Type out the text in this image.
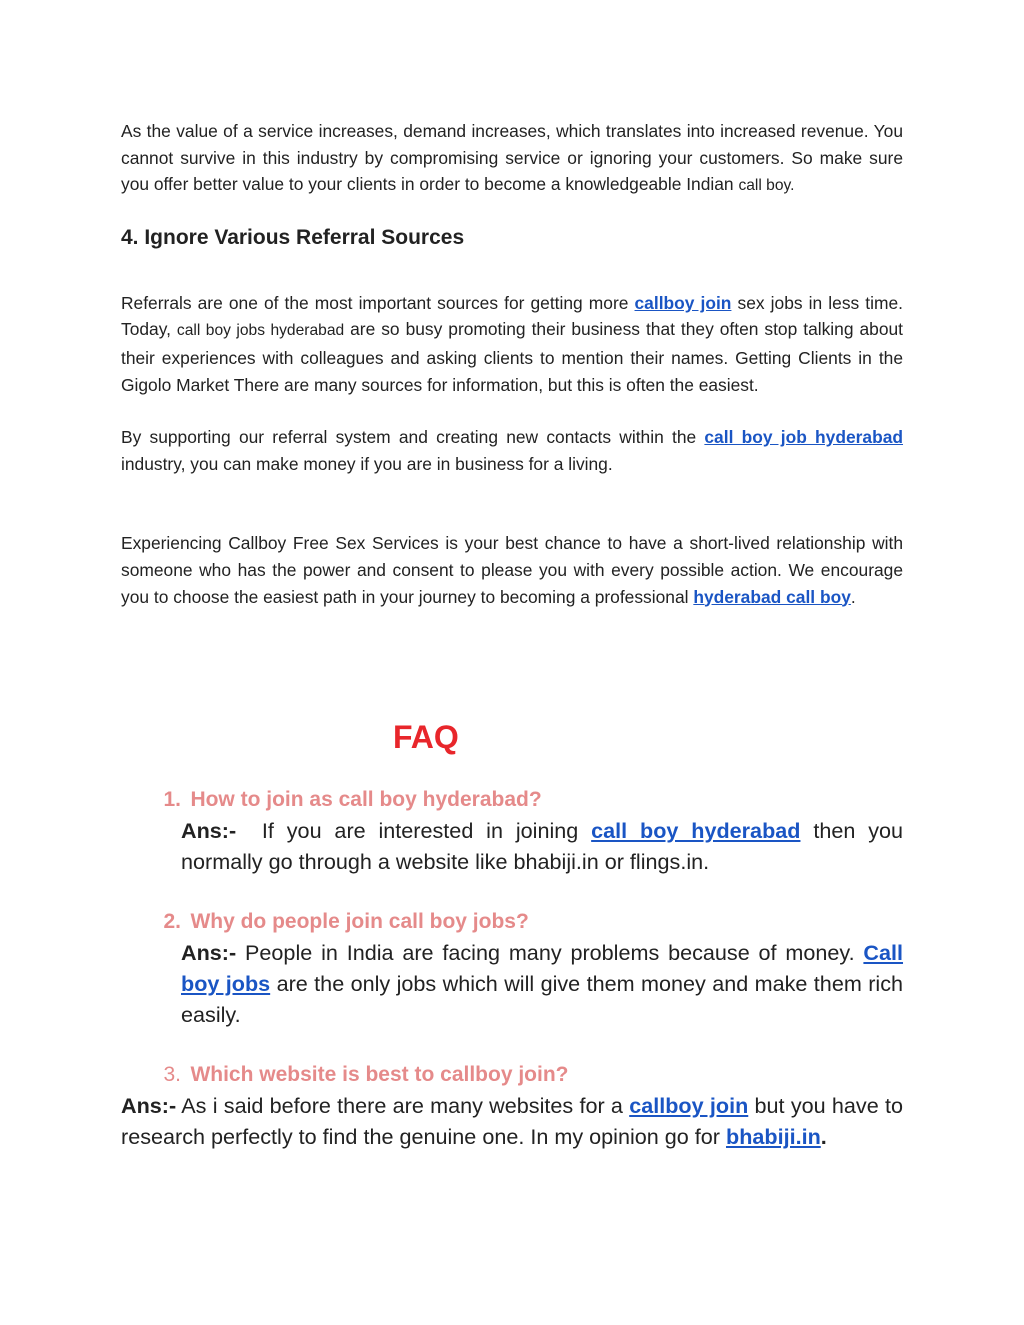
As the value of a service increases, demand increases, which translates into increased revenue. You cannot survive in this industry by compromising service or ignoring your customers. So make sure you offer better value to your clients in order to become a knowledgeable Indian call boy.

4. Ignore Various Referral Sources

Referrals are one of the most important sources for getting more callboy join sex jobs in less time. Today, call boy jobs hyderabad are so busy promoting their business that they often stop talking about their experiences with colleagues and asking clients to mention their names. Getting Clients in the Gigolo Market There are many sources for information, but this is often the easiest.

By supporting our referral system and creating new contacts within the call boy job hyderabad industry, you can make money if you are in business for a living.

Experiencing Callboy Free Sex Services is your best chance to have a short-lived relationship with someone who has the power and consent to please you with every possible action. We encourage you to choose the easiest path in your journey to becoming a professional hyderabad call boy.

FAQ
1. How to join as call boy hyderabad?

Ans:- If you are interested in joining call boy hyderabad then you normally go through a website like bhabiji.in or flings.in.

2. Why do people join call boy jobs?

Ans:- People in India are facing many problems because of money. Call boy jobs are the only jobs which will give them money and make them rich easily.

3. Which website is best to callboy join?

Ans:- As i said before there are many websites for a callboy join but you have to research perfectly to find the genuine one. In my opinion go for bhabiji.in.
